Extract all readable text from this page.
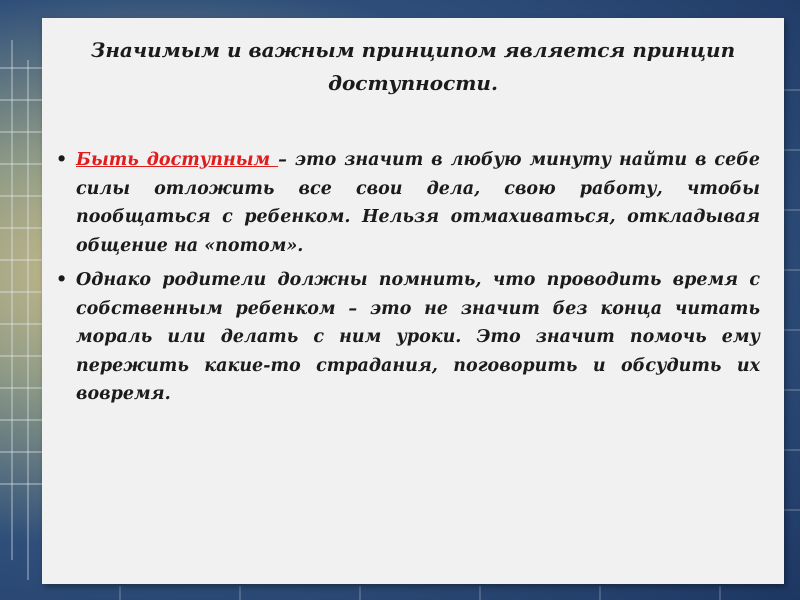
Значимым и важным принципом является принцип доступности.
• Быть доступным – это значит в любую минуту найти в себе силы отложить все свои дела, свою работу, чтобы пообщаться с ребенком. Нельзя отмахиваться, откладывая общение на «потом».
• Однако родители должны помнить, что проводить время с собственным ребенком – это не значит без конца читать мораль или делать с ним уроки. Это значит помочь ему пережить какие-то страдания, поговорить и обсудить их вовремя.
